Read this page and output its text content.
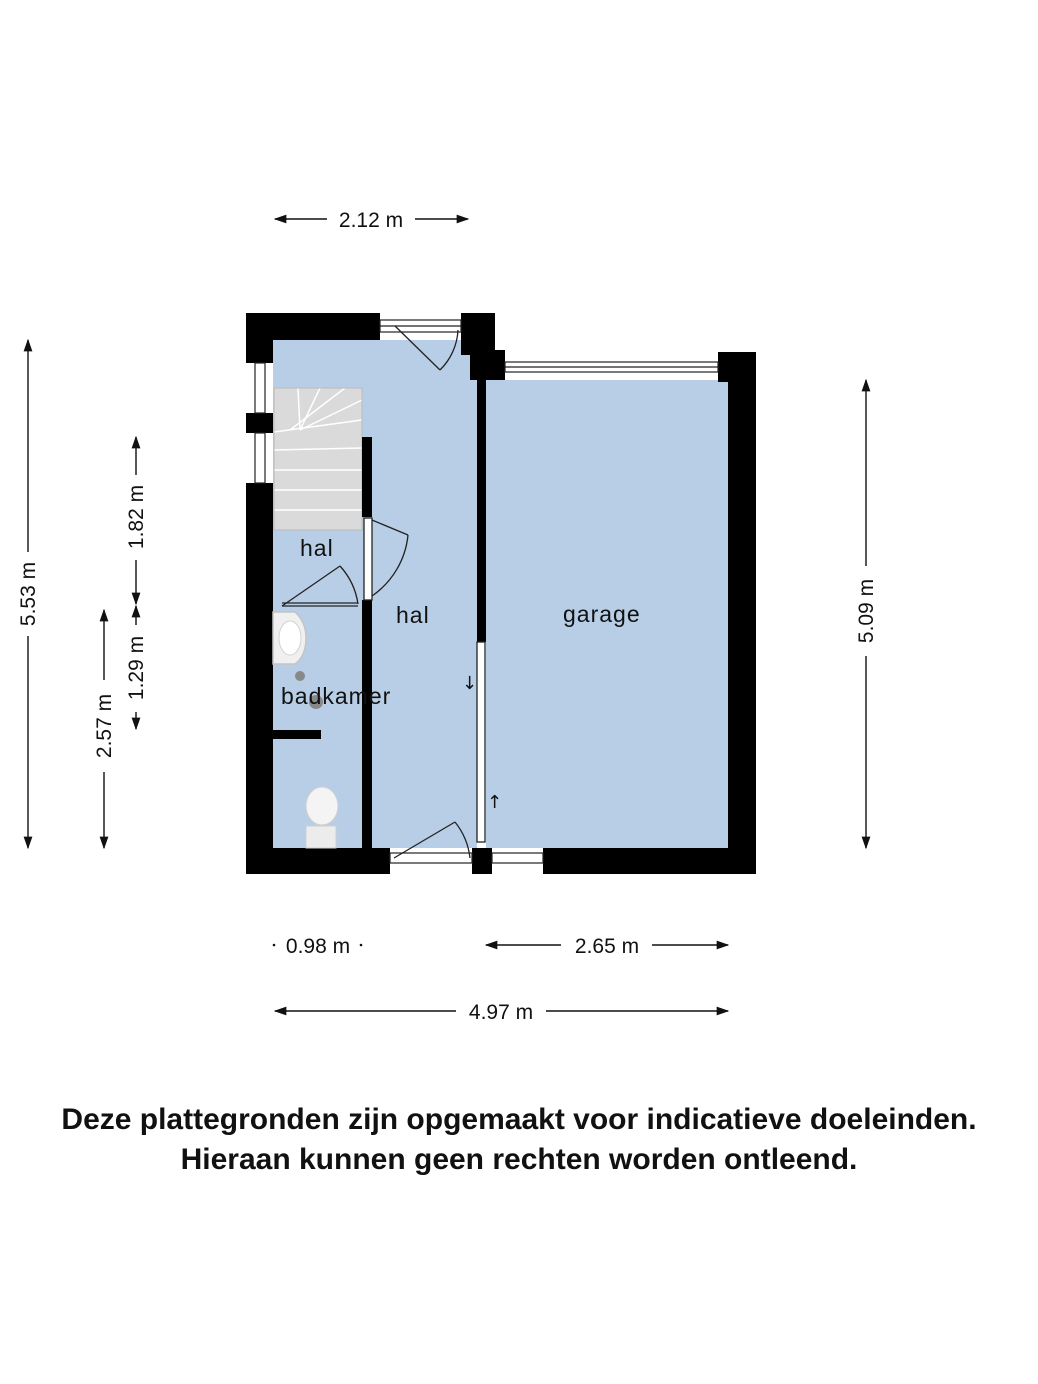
hal
hal
badkamer
garage
↓
↑
2.12 m
5.53 m
1.82 m
1.29 m
2.57 m
5.09 m
0.98 m	2.65 m
4.97 m
Deze plattegronden zijn opgemaakt voor indicatieve doeleinden.
Hieraan kunnen geen rechten worden ontleend.
